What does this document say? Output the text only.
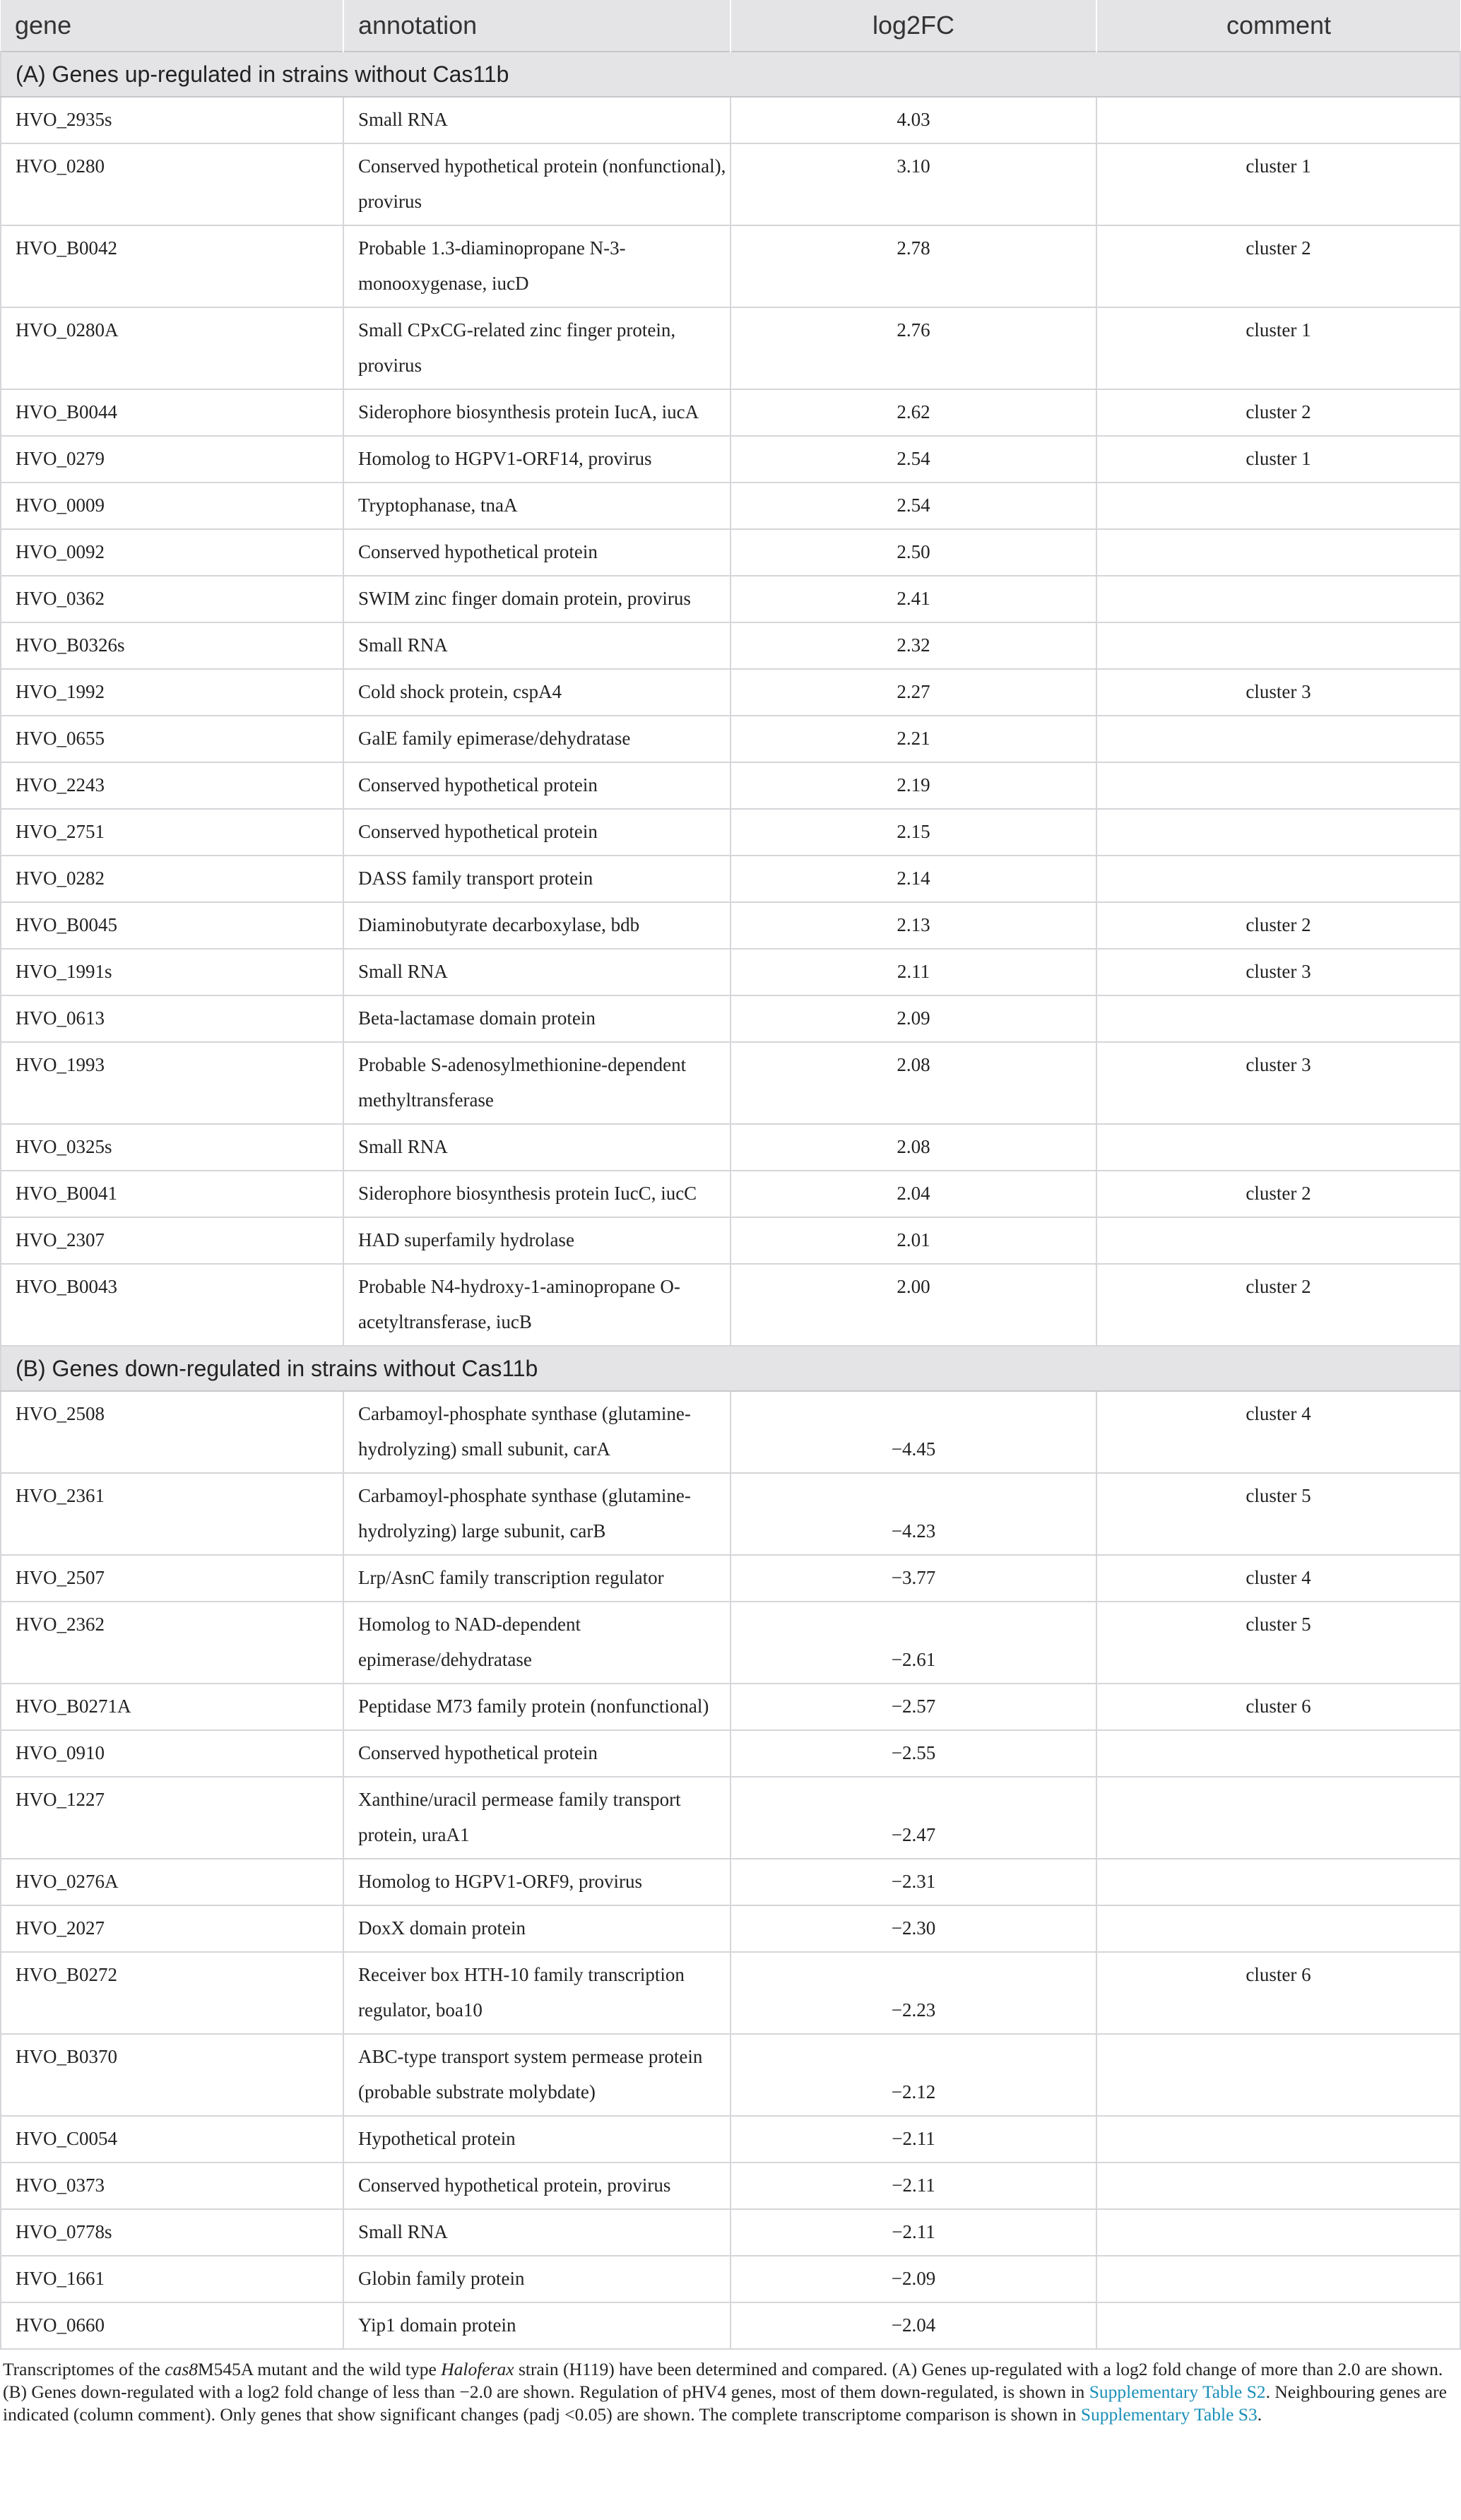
gene	annotation	log2FC	comment
(A) Genes up-regulated in strains without Cas11b			

HVO_2935s	Small RNA	4.03	

HVO_0280	Conserved hypothetical protein (nonfunctional), provirus	3.10	cluster 1

HVO_B0042	Probable 1.3-diaminopropane N-3-monooxygenase, iucD	2.78	cluster 2

HVO_0280A	Small CPxCG-related zinc finger protein, provirus	2.76	cluster 1

HVO_B0044	Siderophore biosynthesis protein IucA, iucA	2.62	cluster 2

HVO_0279	Homolog to HGPV1-ORF14, provirus	2.54	cluster 1

HVO_0009	Tryptophanase, tnaA	2.54	

HVO_0092	Conserved hypothetical protein	2.50	

HVO_0362	SWIM zinc finger domain protein, provirus	2.41	

HVO_B0326s	Small RNA	2.32	

HVO_1992	Cold shock protein, cspA4	2.27	cluster 3

HVO_0655	GalE family epimerase/dehydratase	2.21	

HVO_2243	Conserved hypothetical protein	2.19	

HVO_2751	Conserved hypothetical protein	2.15	

HVO_0282	DASS family transport protein	2.14	

HVO_B0045	Diaminobutyrate decarboxylase, bdb	2.13	cluster 2

HVO_1991s	Small RNA	2.11	cluster 3

HVO_0613	Beta-lactamase domain protein	2.09	

HVO_1993	Probable S-adenosylmethionine-dependent methyltransferase	2.08	cluster 3

HVO_0325s	Small RNA	2.08	

HVO_B0041	Siderophore biosynthesis protein IucC, iucC	2.04	cluster 2

HVO_2307	HAD superfamily hydrolase	2.01	

HVO_B0043	Probable N4-hydroxy-1-aminopropane O-acetyltransferase, iucB	2.00	cluster 2

(B) Genes down-regulated in strains without Cas11b			

HVO_2508	Carbamoyl-phosphate synthase (glutamine-hydrolyzing) small subunit, carA	−4.45	cluster 4

HVO_2361	Carbamoyl-phosphate synthase (glutamine-hydrolyzing) large subunit, carB	−4.23	cluster 5

HVO_2507	Lrp/AsnC family transcription regulator	−3.77	cluster 4

HVO_2362	Homolog to NAD-dependent epimerase/dehydratase	−2.61	cluster 5

HVO_B0271A	Peptidase M73 family protein (nonfunctional)	−2.57	cluster 6

HVO_0910	Conserved hypothetical protein	−2.55	

HVO_1227	Xanthine/uracil permease family transport protein, uraA1	−2.47	

HVO_0276A	Homolog to HGPV1-ORF9, provirus	−2.31	

HVO_2027	DoxX domain protein	−2.30	

HVO_B0272	Receiver box HTH-10 family transcription regulator, boa10	−2.23	cluster 6

HVO_B0370	ABC-type transport system permease protein (probable substrate molybdate)	−2.12	

HVO_C0054	Hypothetical protein	−2.11	

HVO_0373	Conserved hypothetical protein, provirus	−2.11	

HVO_0778s	Small RNA	−2.11	

HVO_1661	Globin family protein	−2.09	

HVO_0660	Yip1 domain protein	−2.04	

Transcriptomes of the cas8M545A mutant and the wild type Haloferax strain (H119) have been determined and compared. (A) Genes up-regulated with a log2 fold change of more than 2.0 are shown. (B) Genes down-regulated with a log2 fold change of less than −2.0 are shown. Regulation of pHV4 genes, most of them down-regulated, is shown in Supplementary Table S2. Neighbouring genes are indicated (column comment). Only genes that show significant changes (padj <0.05) are shown. The complete transcriptome comparison is shown in Supplementary Table S3.
